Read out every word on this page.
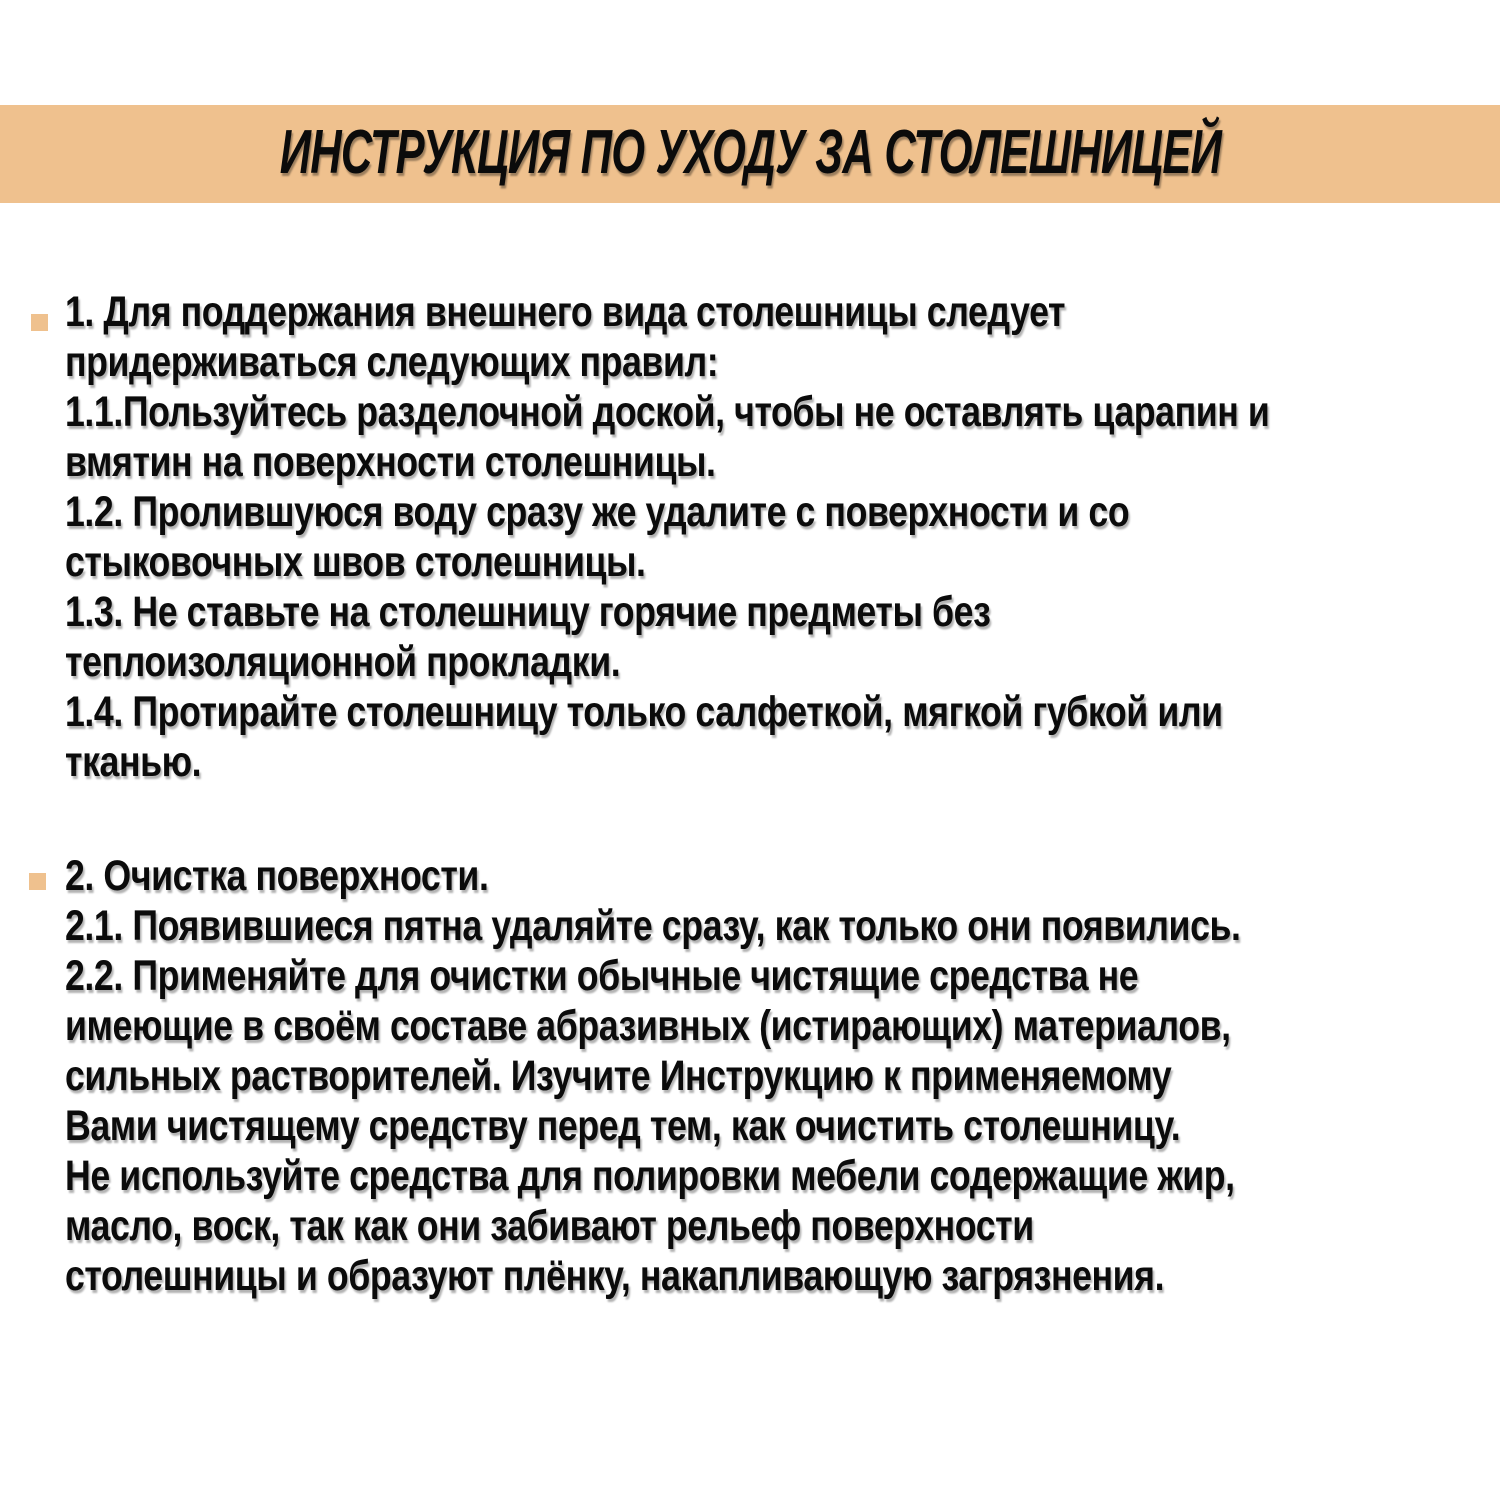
ИНСТРУКЦИЯ ПО УХОДУ ЗА СТОЛЕШНИЦЕЙ
1. Для поддержания внешнего вида столешницы следует
придерживаться следующих правил:
1.1.Пользуйтесь разделочной доской, чтобы не оставлять царапин и
вмятин на поверхности столешницы.
1.2. Пролившуюся воду сразу же удалите с поверхности и со
стыковочных швов столешницы.
1.3. Не ставьте на столешницу горячие предметы без
теплоизоляционной прокладки.
1.4. Протирайте столешницу только салфеткой, мягкой губкой или
тканью.
2. Очистка поверхности.
2.1. Появившиеся пятна удаляйте сразу, как только они появились.
2.2. Применяйте для очистки обычные чистящие средства не
имеющие в своём составе абразивных (истирающих) материалов,
сильных растворителей. Изучите Инструкцию к применяемому
Вами чистящему средству перед тем, как очистить столешницу.
Не используйте средства для полировки мебели содержащие жир,
масло, воск, так как они забивают рельеф поверхности
столешницы и образуют плёнку, накапливающую загрязнения.
